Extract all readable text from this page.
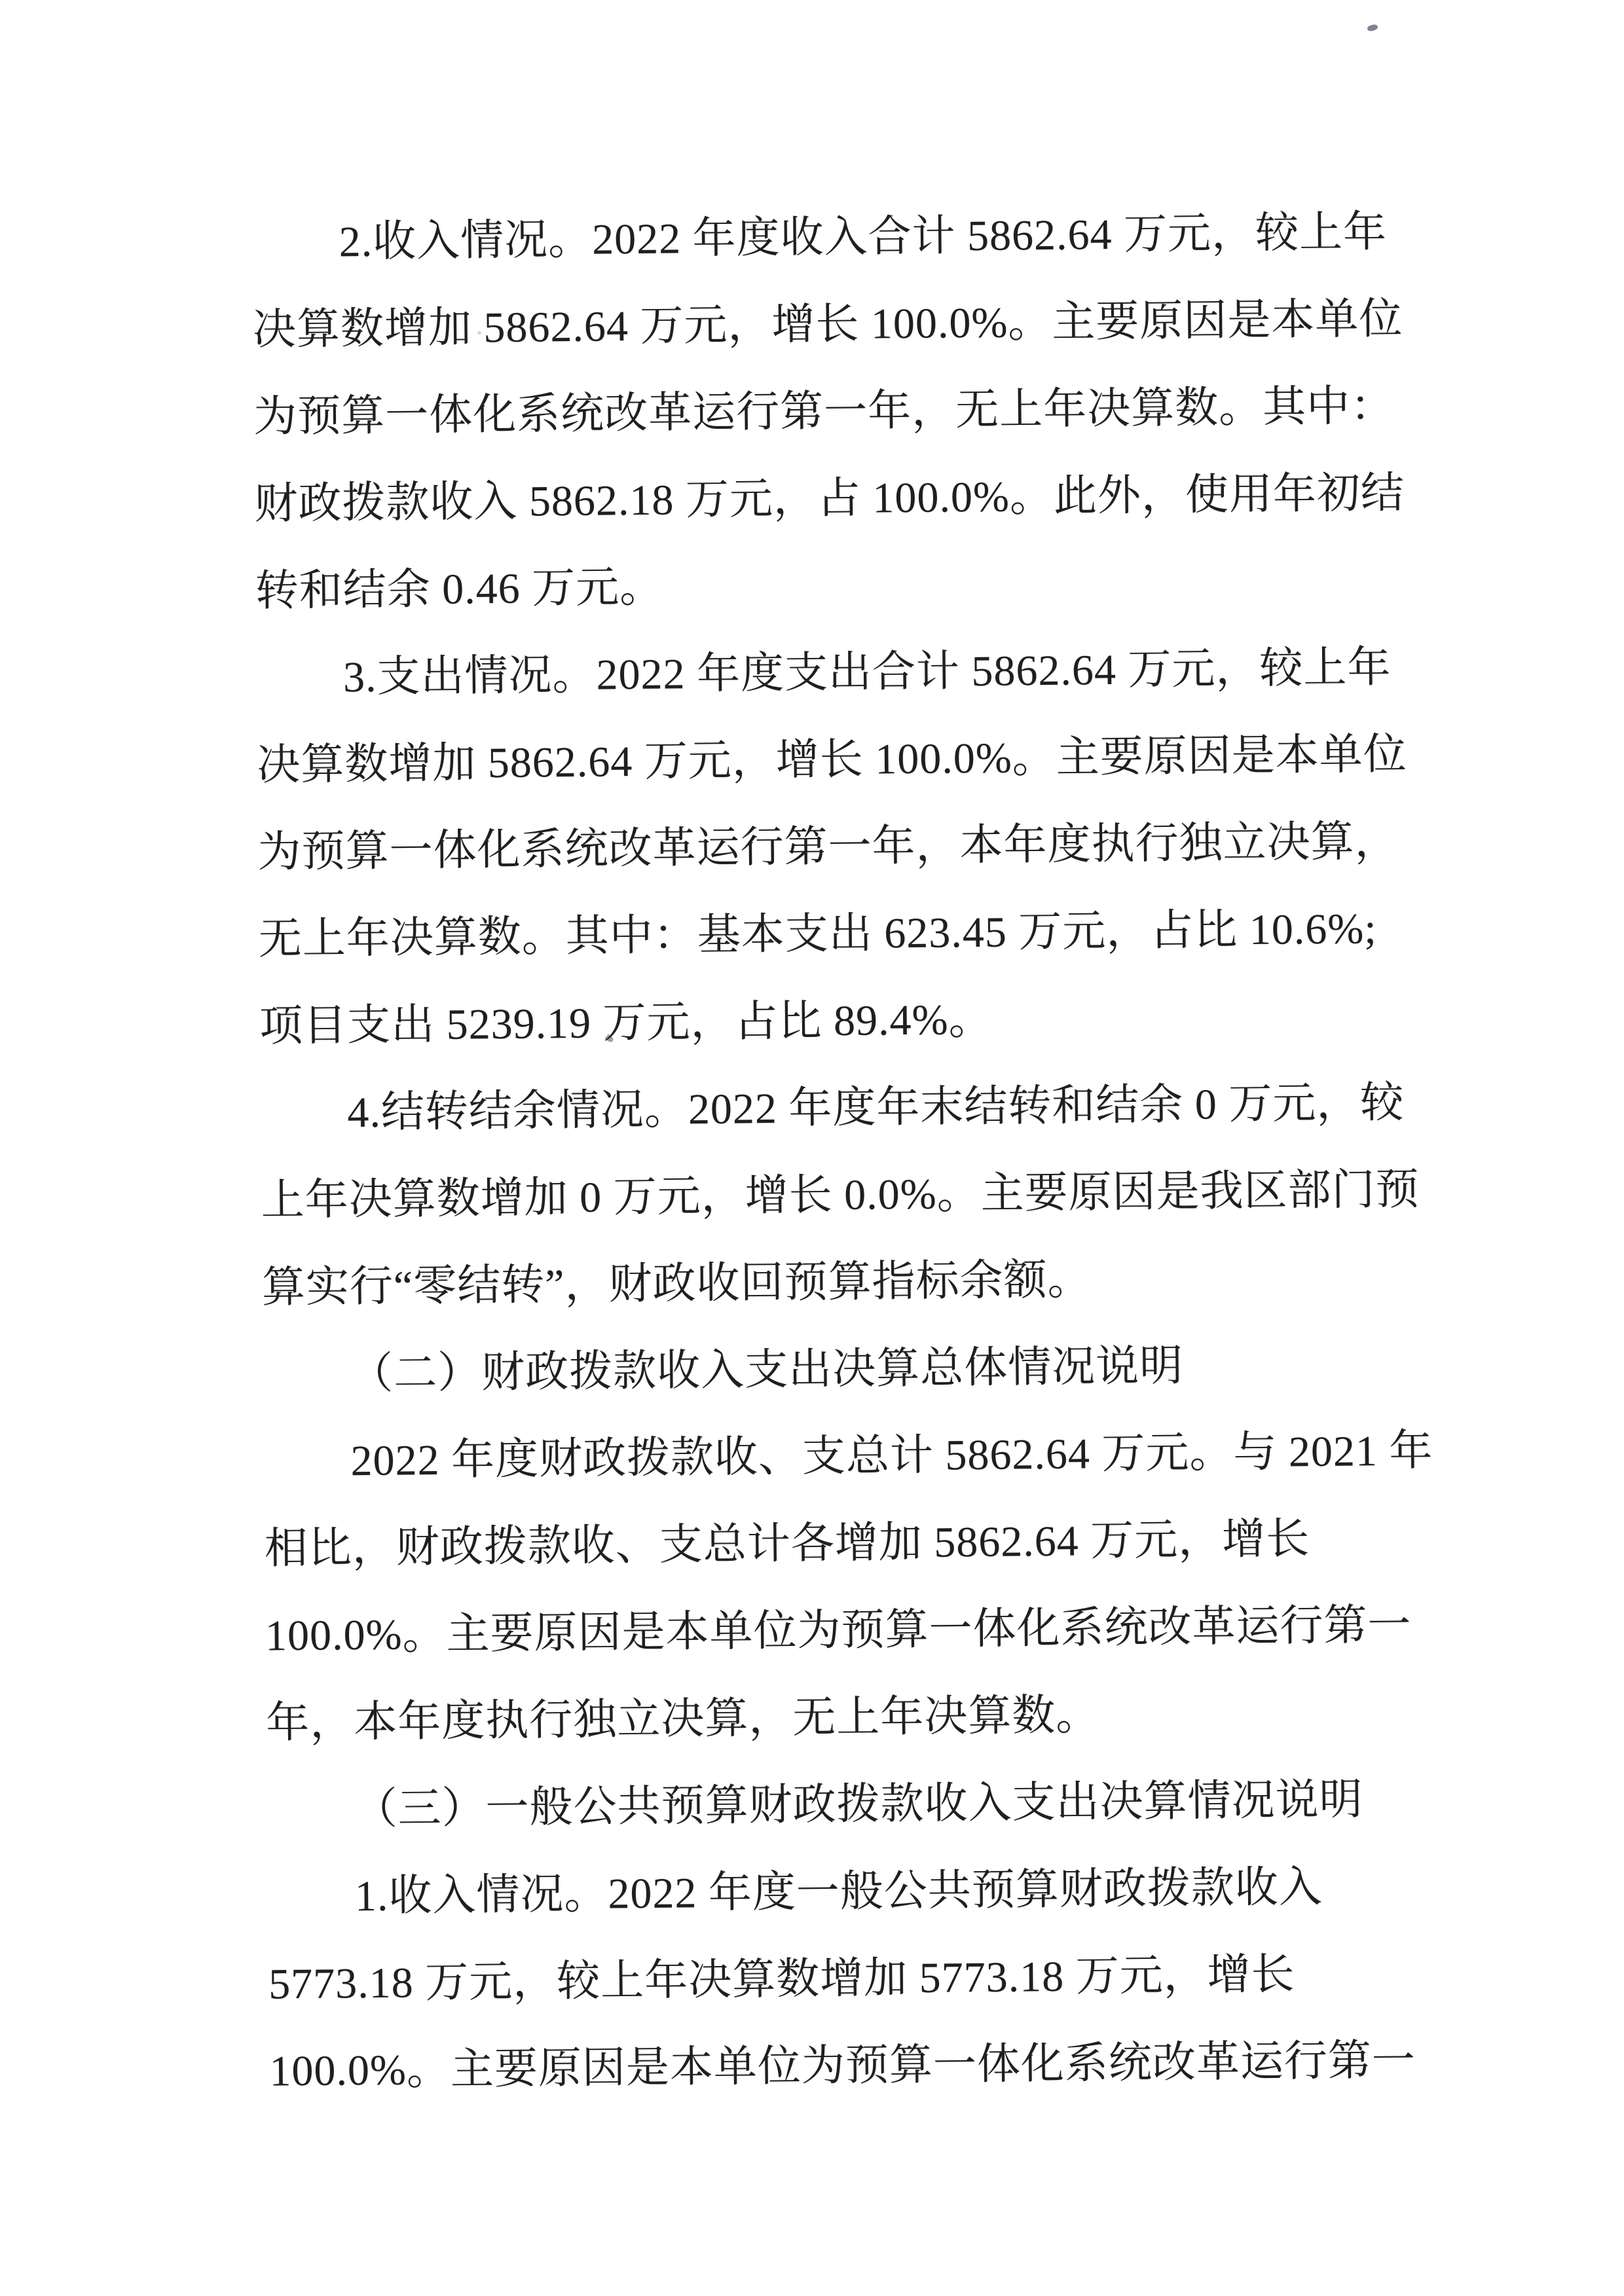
2.收入情况。2022 年度收入合计 5862.64 万元，较上年
决算数增加 5862.64 万元，增长 100.0%。主要原因是本单位
为预算一体化系统改革运行第一年，无上年决算数。其中：
财政拨款收入 5862.18 万元，占 100.0%。此外，使用年初结
转和结余 0.46 万元。
3.支出情况。2022 年度支出合计 5862.64 万元，较上年
决算数增加 5862.64 万元，增长 100.0%。主要原因是本单位
为预算一体化系统改革运行第一年，本年度执行独立决算，
无上年决算数。其中：基本支出 623.45 万元，占比 10.6%;
项目支出 5239.19 万元，占比 89.4%。
4.结转结余情况。2022 年度年末结转和结余 0 万元，较
上年决算数增加 0 万元，增长 0.0%。主要原因是我区部门预
算实行“零结转”，财政收回预算指标余额。
（二）财政拨款收入支出决算总体情况说明
2022 年度财政拨款收、支总计 5862.64 万元。与 2021 年
相比，财政拨款收、支总计各增加 5862.64 万元，增长
100.0%。主要原因是本单位为预算一体化系统改革运行第一
年，本年度执行独立决算，无上年决算数。
（三）一般公共预算财政拨款收入支出决算情况说明
1.收入情况。2022 年度一般公共预算财政拨款收入
5773.18 万元，较上年决算数增加 5773.18 万元，增长
100.0%。主要原因是本单位为预算一体化系统改革运行第一
